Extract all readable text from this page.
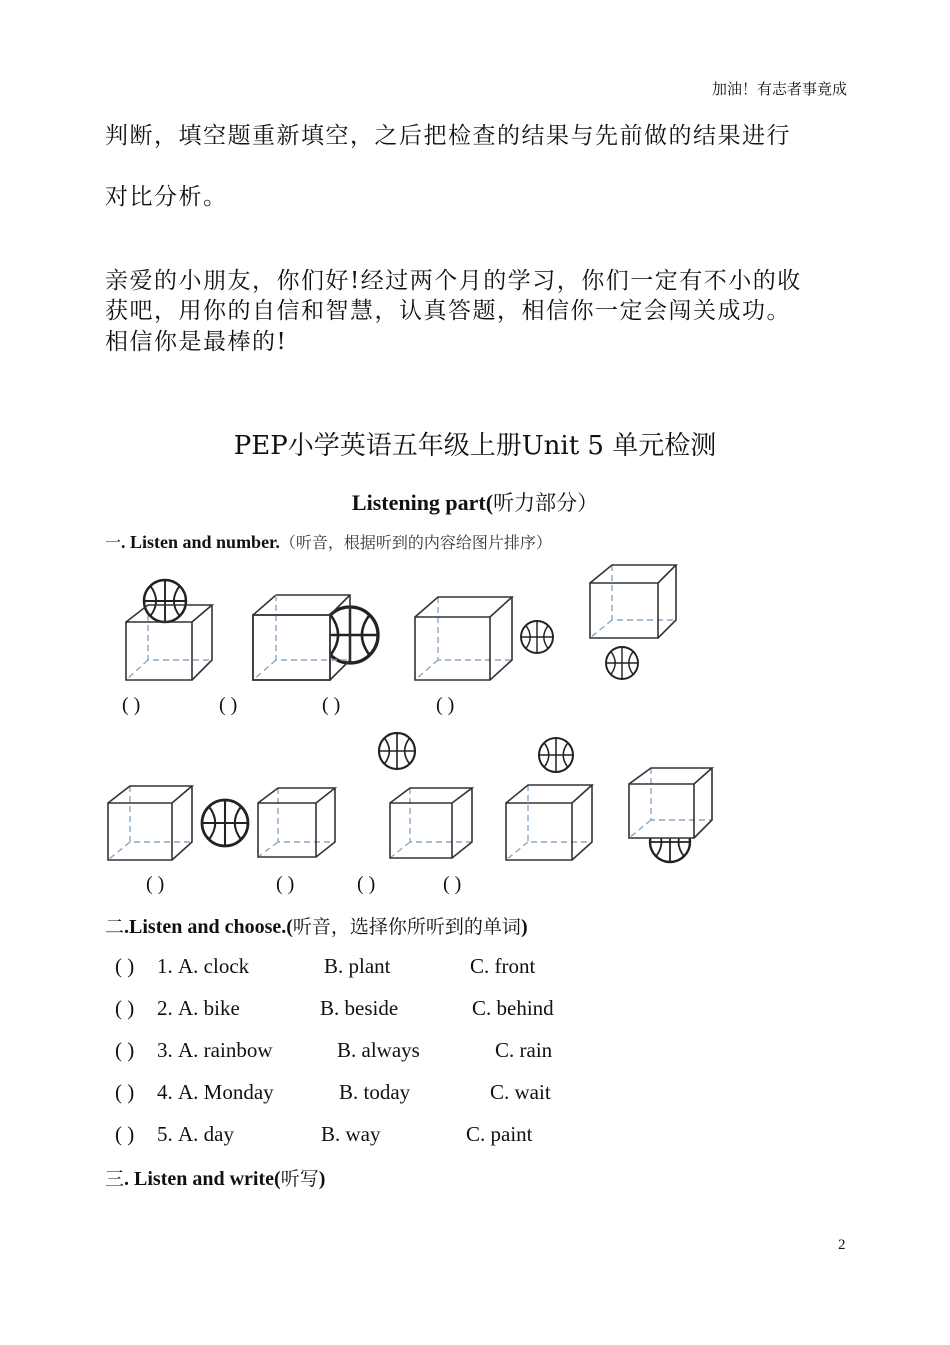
加油！有志者事竟成
判断，填空题重新填空，之后把检查的结果与先前做的结果进行
对比分析。
亲爱的小朋友，你们好!经过两个月的学习，你们一定有不小的收
获吧，用你的自信和智慧，认真答题，相信你一定会闯关成功。
相信你是最棒的!
PEP小学英语五年级上册Unit 5 单元检测
Listening part(听力部分）
一. Listen and number.（听音，根据听到的内容给图片排序）
( )	( )	( )	( )
( )	( )	( )	( )
二.Listen and choose.(听音，选择你所听到的单词)
( ) 1. A. clock	B. plant	C. front
( ) 2. A. bike	B. beside	C. behind
( ) 3. A. rainbow	B. always	C. rain
( ) 4. A. Monday	B. today	C. wait
( ) 5. A. day	B. way	C. paint
三. Listen and write(听写)
2
